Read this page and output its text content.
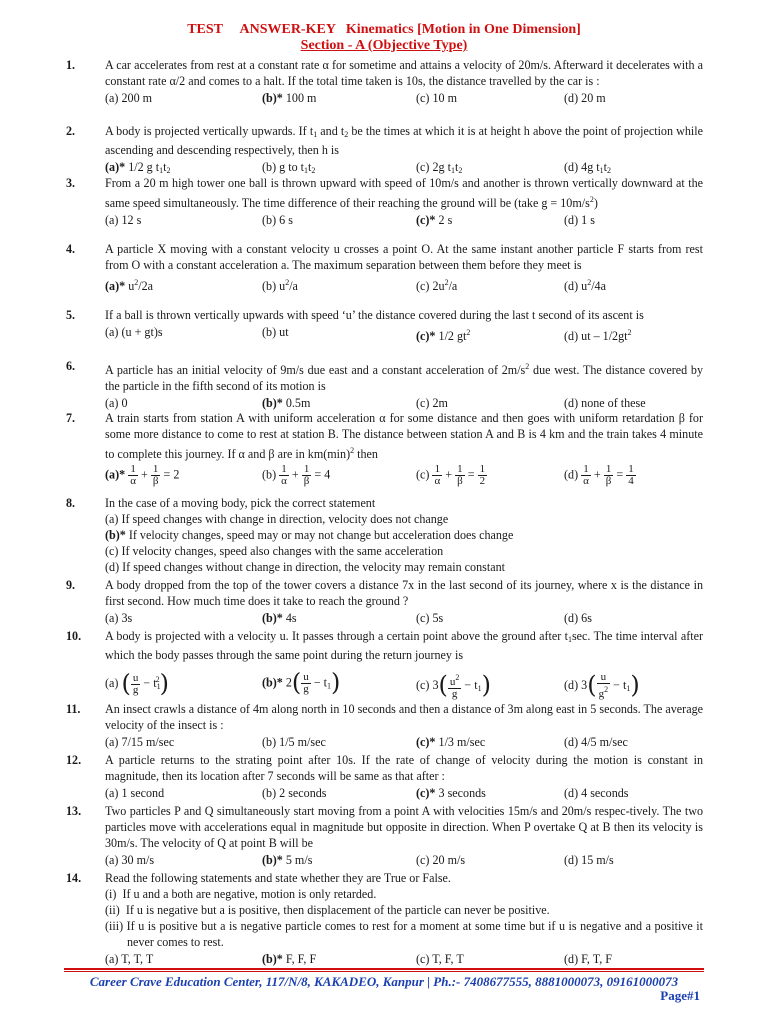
TEST     ANSWER-KEY   Kinematics [Motion in One Dimension]
Section - A (Objective Type)
1. A car accelerates from rest at a constant rate α for sometime and attains a velocity of 20m/s. Afterward it decelerates with a constant rate α/2 and comes to a halt. If the total time taken is 10s, the distance travelled by the car is :

(a) 200 m	(b)* 100 m	(c) 10 m	(d) 20 m
2. A body is projected vertically upwards. If $t_1$ and $t_2$ be the times at which it is at height h above the point of projection while ascending and descending respectively, then h is

(a)* 1/2 g $t_1t_2$	(b) g to $t_1t_2$	(c) 2g $t_1t_2$	(d) 4g $t_1t_2$
3. From a 20 m high tower one ball is thrown upward with speed of 10m/s and another is thrown vertically downward at the same speed simultaneously. The time difference of their reaching the ground will be (take $g = 10m/s^2$)

(a) 12 s	(b) 6 s	(c)* 2 s	(d) 1 s
4. A particle X moving with a constant velocity u crosses a point O. At the same instant another particle F starts from rest from O with a constant acceleration a. The maximum separation between them before they meet is

(a)* $u^2/2a$	(b) $u^2/a$	(c) $2u^2/a$	(d) $u^2/4a$
5. If a ball is thrown vertically upwards with speed ‘u’ the distance covered during the last t second of its ascent is

(a) (u + gt)s	(b) ut	(c)* 1/2 $gt^2$	(d) ut – $1/2gt^2$
6. A particle has an initial velocity of 9m/s due east and a constant acceleration of $2m/s^2$ due west. The distance covered by the particle in the fifth second of its motion is

(a) 0	(b)* 0.5m	(c) 2m	(d) none of these
7. A train starts from station A with uniform acceleration α for some distance and then goes with uniform retardation β for some more distance to come to rest at station B. The distance between station A and B is 4 km and the train takes 4 minute to complete this journey. If α and β are in $km(\min)^2$ then

$(a)* \frac{1}{\alpha} + \frac{1}{\beta} = 2$	$(b) \frac{1}{\alpha} + \frac{1}{\beta} = 4$	$(c) \frac{1}{\alpha} + \frac{1}{\beta} = \frac{1}{2}$	$(d) \frac{1}{\alpha} + \frac{1}{\beta} = \frac{1}{4}$
8. In the case of a moving body, pick the correct statement

(a) If speed changes with change in direction, velocity does not change

(b)* If velocity changes, speed may or may not change but acceleration does change

(c) If velocity changes, speed also changes with the same acceleration

(d) If speed changes without change in direction, the velocity may remain constant

9. A body dropped from the top of the tower covers a distance 7x in the last second of its journey, where x is the distance in first second. How much time does it take to reach the ground ?

(a) 3s	(b)* 4s	(c) 5s	(d) 6s
10. A body is projected with a velocity u. It passes through a certain point above the ground after $t_1\sec$. The time interval after which the body passes through the same point during the return journey is

(a) ( $\frac{u}{g} - t_1^2$)	(b)* $2( \frac{u}{g} - t_1)$	(c) $3( \frac{u^2}{g} - t_1)$	(d) $3( \frac{u}{g^2} - t_1)$
11. An insect crawls a distance of 4m along north in 10 seconds and then a distance of 3m along east in 5 seconds. The average velocity of the insect is :

(a) 7/15 m/sec	(b) 1/5 m/sec	(c)* 1/3 m/sec	(d) 4/5 m/sec
12. A particle returns to the strating point after 10s. If the rate of change of velocity during the motion is constant in magnitude, then its location after 7 seconds will be same as that after :

(a) 1 second	(b) 2 seconds	(c)* 3 seconds	(d) 4 seconds
13. Two particles P and Q simultaneously start moving from a point A with velocities 15m/s and 20m/s respec-tively. The two particles move with accelerations equal in magnitude but opposite in direction. When P overtake Q at B then its velocity is 30m/s. The velocity of Q at point B will be

(a) 30 m/s	(b)* 5 m/s	(c) 20 m/s	(d) 15 m/s
14. Read the following statements and state whether they are True or False.

(i) If u and a both are negative, motion is only retarded.
(ii) If u is negative but a is positive, then displacement of the particle can never be positive.
(iii) If u is positive but a is negative particle comes to rest for a moment at some time but if u is negative and a positive it never comes to rest.
(a) T, T, T	(b)* F, F, F	(c) T, F, T	(d) F, T, F
Career Crave Education Center, 117/N/8, KAKADEO, Kanpur | Ph.:- 7408677555, 8881000073, 09161000073
Page#1
